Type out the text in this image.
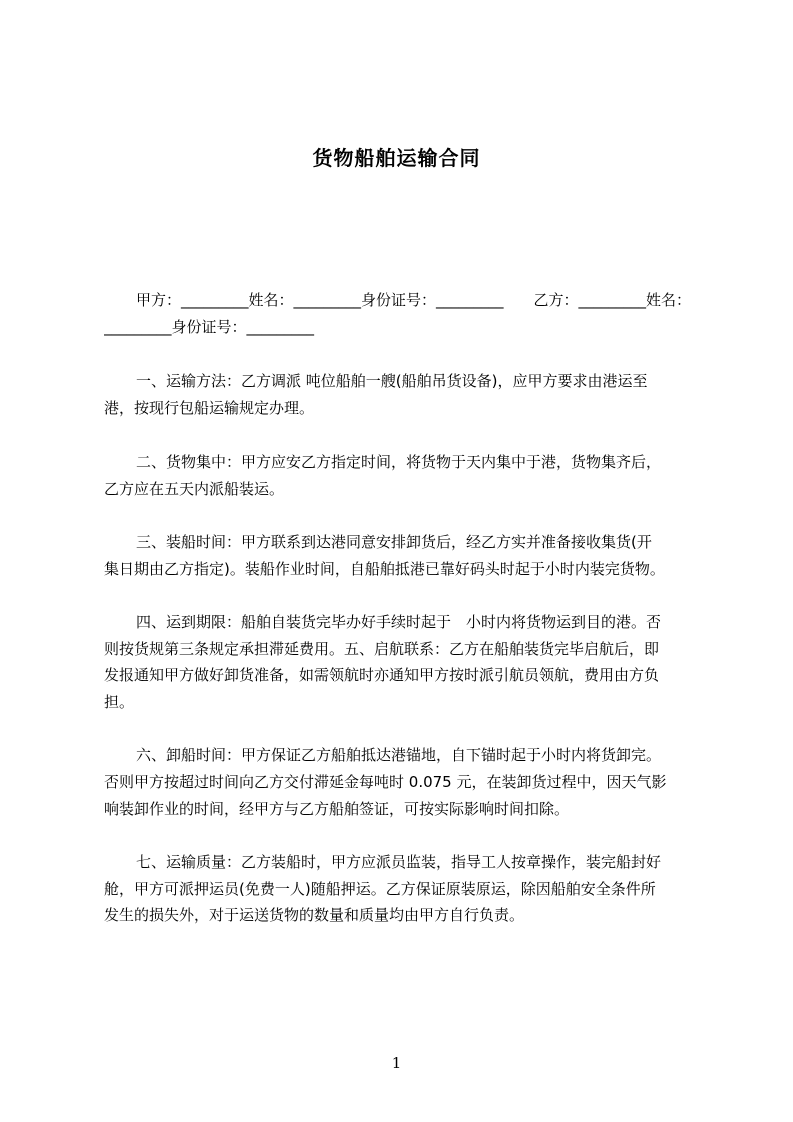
货物船舶运输合同

甲方：_________姓名：_________身份证号：_________　　乙方：_________姓名：

_________身份证号：_________

一、运输方法：乙方调派 吨位船舶一艘(船舶吊货设备)，应甲方要求由港运至

港，按现行包船运输规定办理。

二、货物集中：甲方应安乙方指定时间，将货物于天内集中于港，货物集齐后，

乙方应在五天内派船装运。

三、装船时间：甲方联系到达港同意安排卸货后，经乙方实并准备接收集货(开

集日期由乙方指定)。装船作业时间，自船舶抵港已靠好码头时起于小时内装完货物。

四、运到期限：船舶自装货完毕办好手续时起于　小时内将货物运到目的港。否

则按货规第三条规定承担滞延费用。五、启航联系：乙方在船舶装货完毕启航后，即

发报通知甲方做好卸货准备，如需领航时亦通知甲方按时派引航员领航，费用由方负

担。

六、卸船时间：甲方保证乙方船舶抵达港锚地，自下锚时起于小时内将货卸完。

否则甲方按超过时间向乙方交付滞延金每吨时 0.075 元，在装卸货过程中，因天气影

响装卸作业的时间，经甲方与乙方船舶签证，可按实际影响时间扣除。

七、运输质量：乙方装船时，甲方应派员监装，指导工人按章操作，装完船封好

舱，甲方可派押运员(免费一人)随船押运。乙方保证原装原运，除因船舶安全条件所

发生的损失外，对于运送货物的数量和质量均由甲方自行负责。

1
